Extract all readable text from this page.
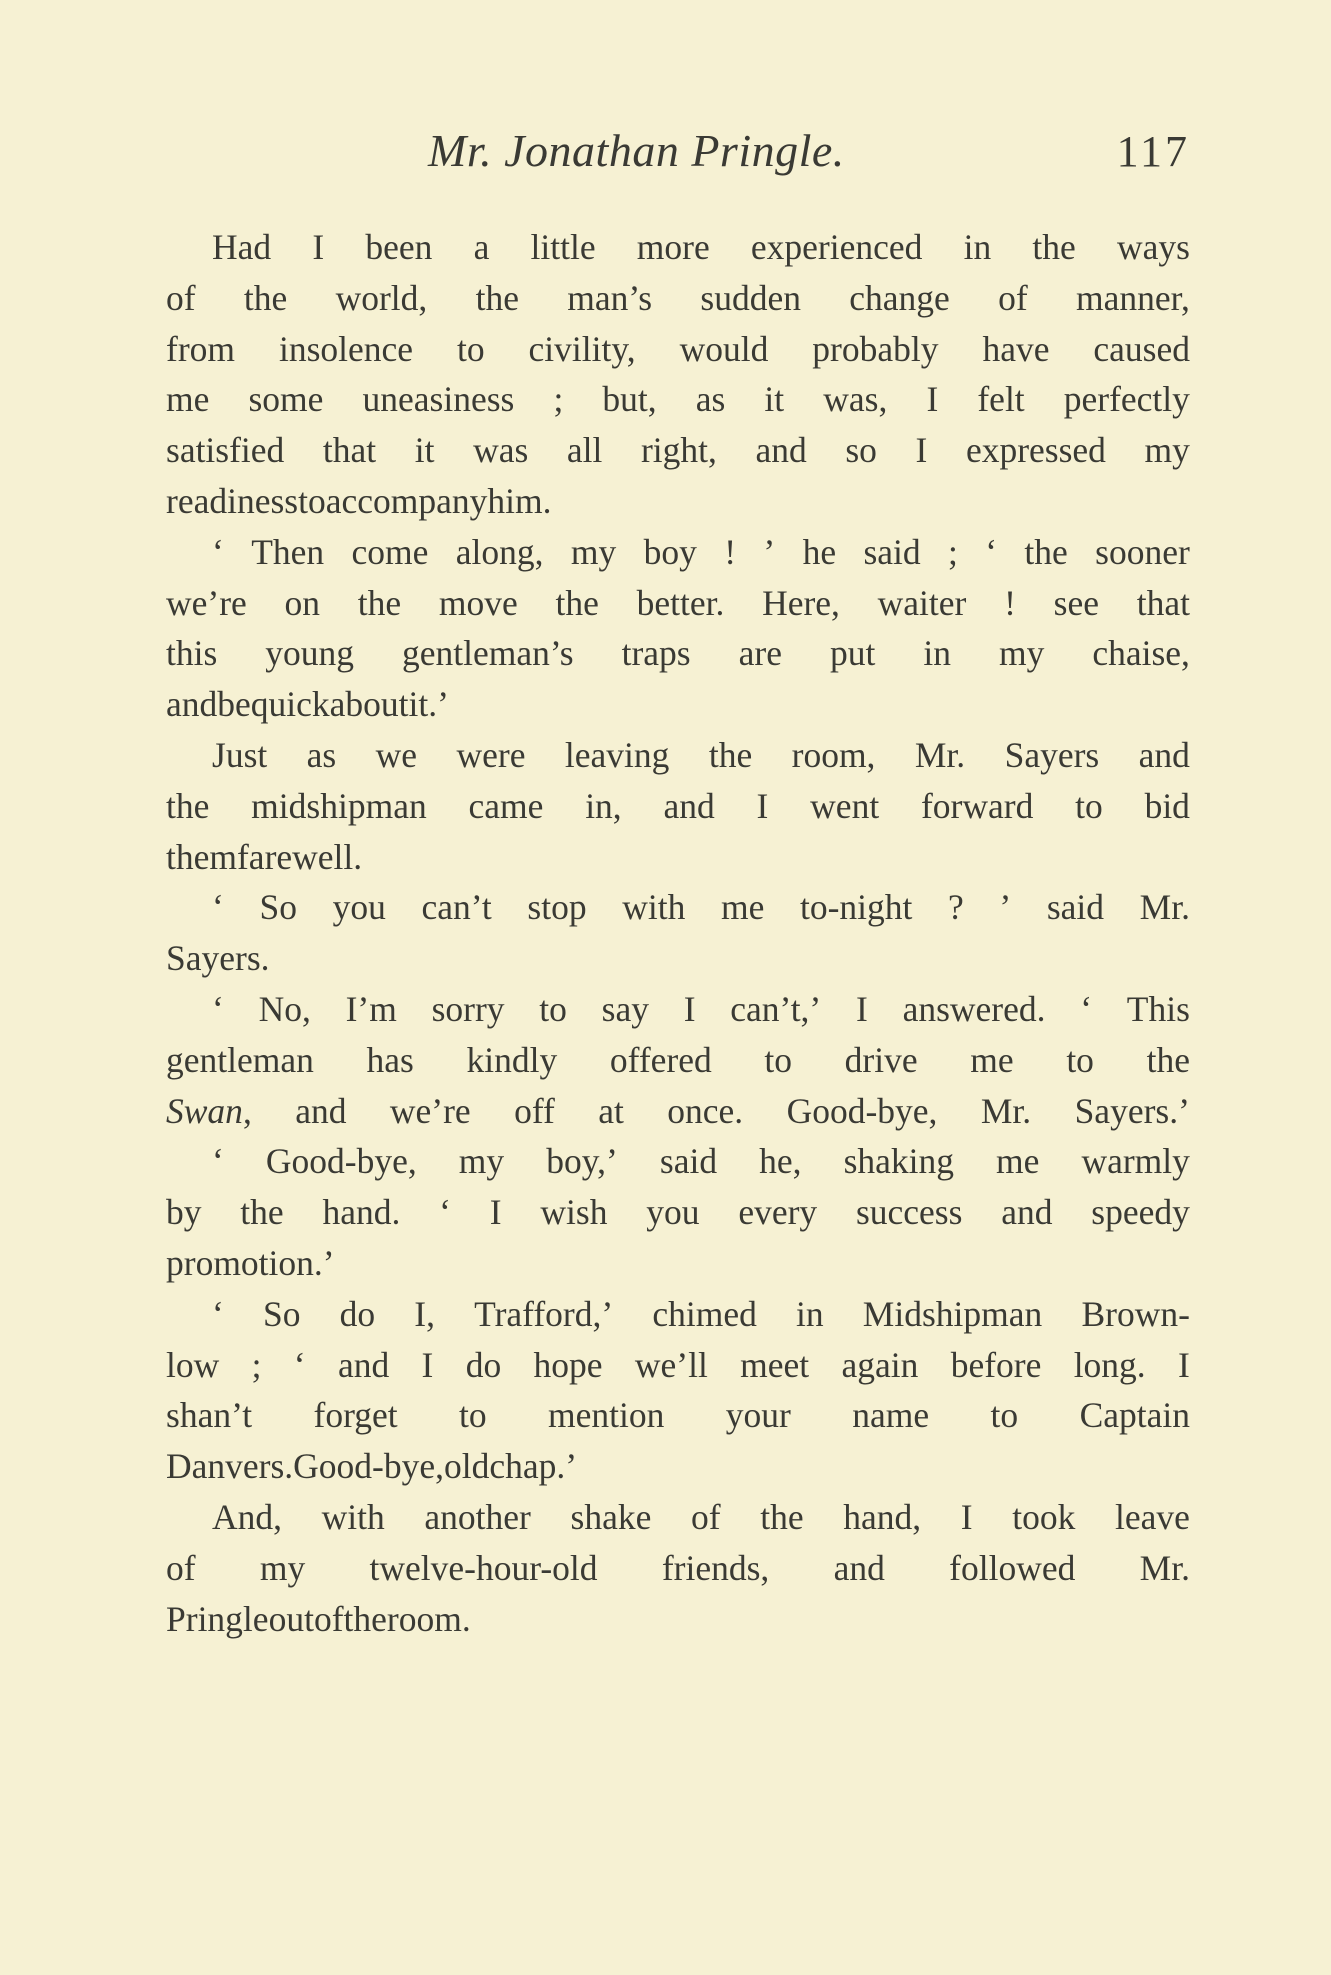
Mr. Jonathan Pringle.	117
Had I been a little more experienced in the ways
of the world, the man’s sudden change of manner,
from insolence to civility, would probably have caused
me some uneasiness ; but, as it was, I felt perfectly
satisfied that it was all right, and so I expressed my
readiness to accompany him.
‘ Then come along, my boy ! ’ he said ; ‘ the sooner
we’re on the move the better. Here, waiter ! see that
this young gentleman’s traps are put in my chaise,
and be quick about it.’
Just as we were leaving the room, Mr. Sayers and
the midshipman came in, and I went forward to bid
them farewell.
‘ So you can’t stop with me to-night ? ’ said Mr.
Sayers.
‘ No, I’m sorry to say I can’t,’ I answered. ‘ This
gentleman has kindly offered to drive me to the
Swan, and we’re off at once. Good-bye, Mr. Sayers.’
‘ Good-bye, my boy,’ said he, shaking me warmly
by the hand. ‘ I wish you every success and speedy
promotion.’
‘ So do I, Trafford,’ chimed in Midshipman Brown-
low ; ‘ and I do hope we’ll meet again before long. I
shan’t forget to mention your name to Captain
Danvers. Good-bye, old chap.’
And, with another shake of the hand, I took leave
of my twelve-hour-old friends, and followed Mr.
Pringle out of the room.
